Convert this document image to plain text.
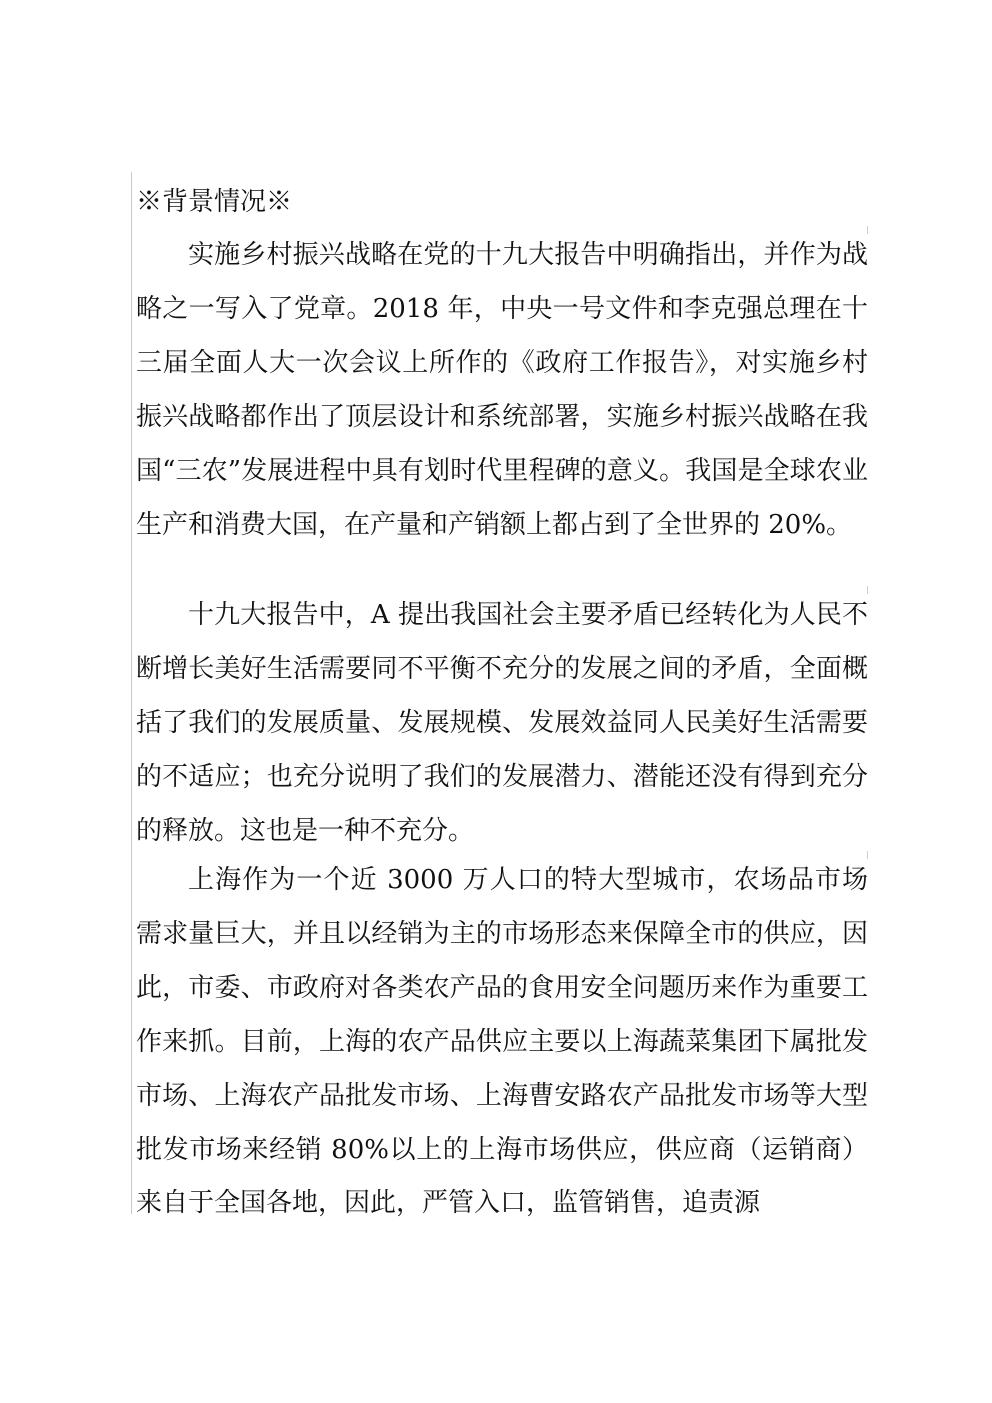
※背景情况※

实施乡村振兴战略在党的十九大报告中明确指出，并作为战略之一写入了党章。2018 年，中央一号文件和李克强总理在十三届全面人大一次会议上所作的《政府工作报告》，对实施乡村振兴战略都作出了顶层设计和系统部署，实施乡村振兴战略在我国“三农”发展进程中具有划时代里程碑的意义。我国是全球农业生产和消费大国，在产量和产销额上都占到了全世界的 20%。

十九大报告中，A 提出我国社会主要矛盾已经转化为人民不断增长美好生活需要同不平衡不充分的发展之间的矛盾，全面概括了我们的发展质量、发展规模、发展效益同人民美好生活需要的不适应；也充分说明了我们的发展潜力、潜能还没有得到充分的释放。这也是一种不充分。

上海作为一个近 3000 万人口的特大型城市，农场品市场需求量巨大，并且以经销为主的市场形态来保障全市的供应，因此，市委、市政府对各类农产品的食用安全问题历来作为重要工作来抓。目前，上海的农产品供应主要以上海蔬菜集团下属批发市场、上海农产品批发市场、上海曹安路农产品批发市场等大型批发市场来经销 80%以上的上海市场供应，供应商（运销商）来自于全国各地，因此，严管入口，监管销售，追责源
